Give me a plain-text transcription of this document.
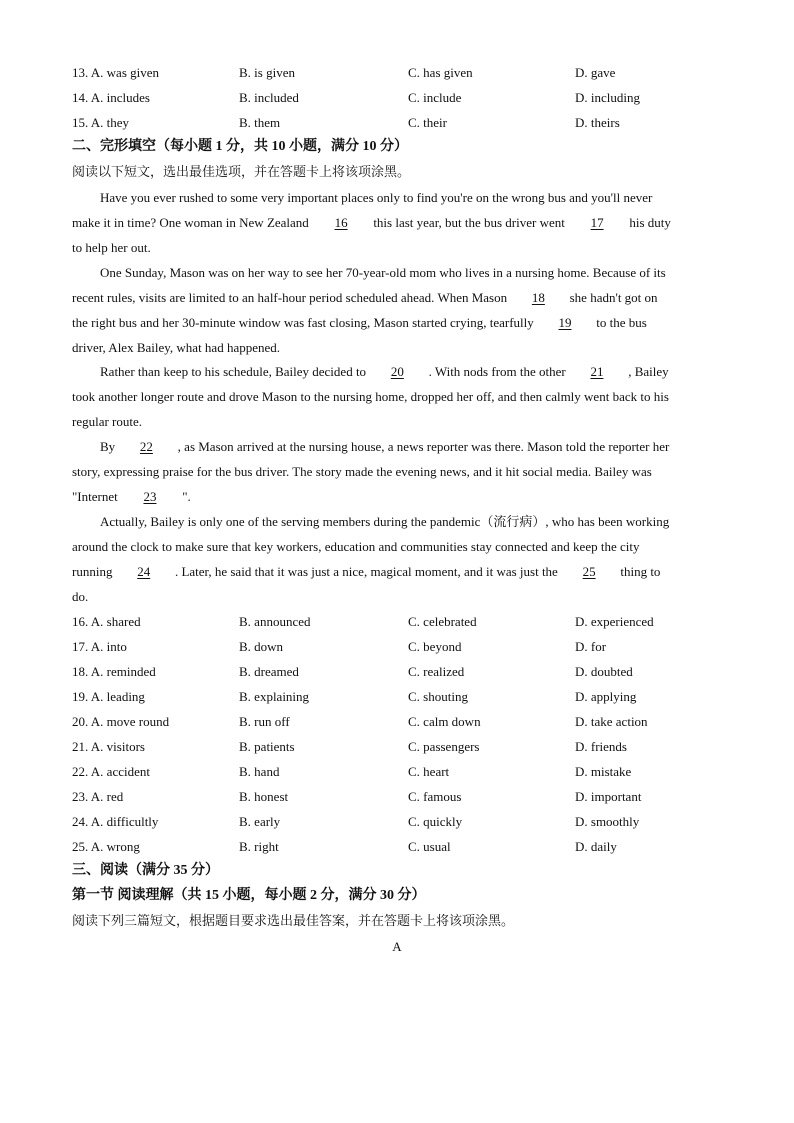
13. A. was given	B. is given	C. has given	D. gave
14. A. includes	B. included	C. include	D. including
15. A. they	B. them	C. their	D. theirs
二、完形填空（每小题 1 分，共 10 小题，满分 10 分）
阅读以下短文，选出最佳选项，并在答题卡上将该项涂黑。
Have you ever rushed to some very important places only to find you're on the wrong bus and you'll never
make it in time? One woman in New Zealand 16 this last year, but the bus driver went 17 his duty
to help her out.
One Sunday, Mason was on her way to see her 70-year-old mom who lives in a nursing home. Because of its
recent rules, visits are limited to an half-hour period scheduled ahead. When Mason 18 she hadn't got on
the right bus and her 30-minute window was fast closing, Mason started crying, tearfully 19 to the bus
driver, Alex Bailey, what had happened.
Rather than keep to his schedule, Bailey decided to 20 . With nods from the other 21 , Bailey
took another longer route and drove Mason to the nursing home, dropped her off, and then calmly went back to his
regular route.
By 22 , as Mason arrived at the nursing house, a news reporter was there. Mason told the reporter her
story, expressing praise for the bus driver. The story made the evening news, and it hit social media. Bailey was
"Internet 23 ".
Actually, Bailey is only one of the serving members during the pandemic（流行病）, who has been working
around the clock to make sure that key workers, education and communities stay connected and keep the city
running 24 . Later, he said that it was just a nice, magical moment, and it was just the 25 thing to
do.
16. A. shared	B. announced	C. celebrated	D. experienced
17. A. into	B. down	C. beyond	D. for
18. A. reminded	B. dreamed	C. realized	D. doubted
19. A. leading	B. explaining	C. shouting	D. applying
20. A. move round	B. run off	C. calm down	D. take action
21. A. visitors	B. patients	C. passengers	D. friends
22. A. accident	B. hand	C. heart	D. mistake
23. A. red	B. honest	C. famous	D. important
24. A. difficultly	B. early	C. quickly	D. smoothly
25. A. wrong	B. right	C. usual	D. daily
三、阅读（满分 35 分）
第一节 阅读理解（共 15 小题，每小题 2 分，满分 30 分）
阅读下列三篇短文，根据题目要求选出最佳答案，并在答题卡上将该项涂黑。
A
